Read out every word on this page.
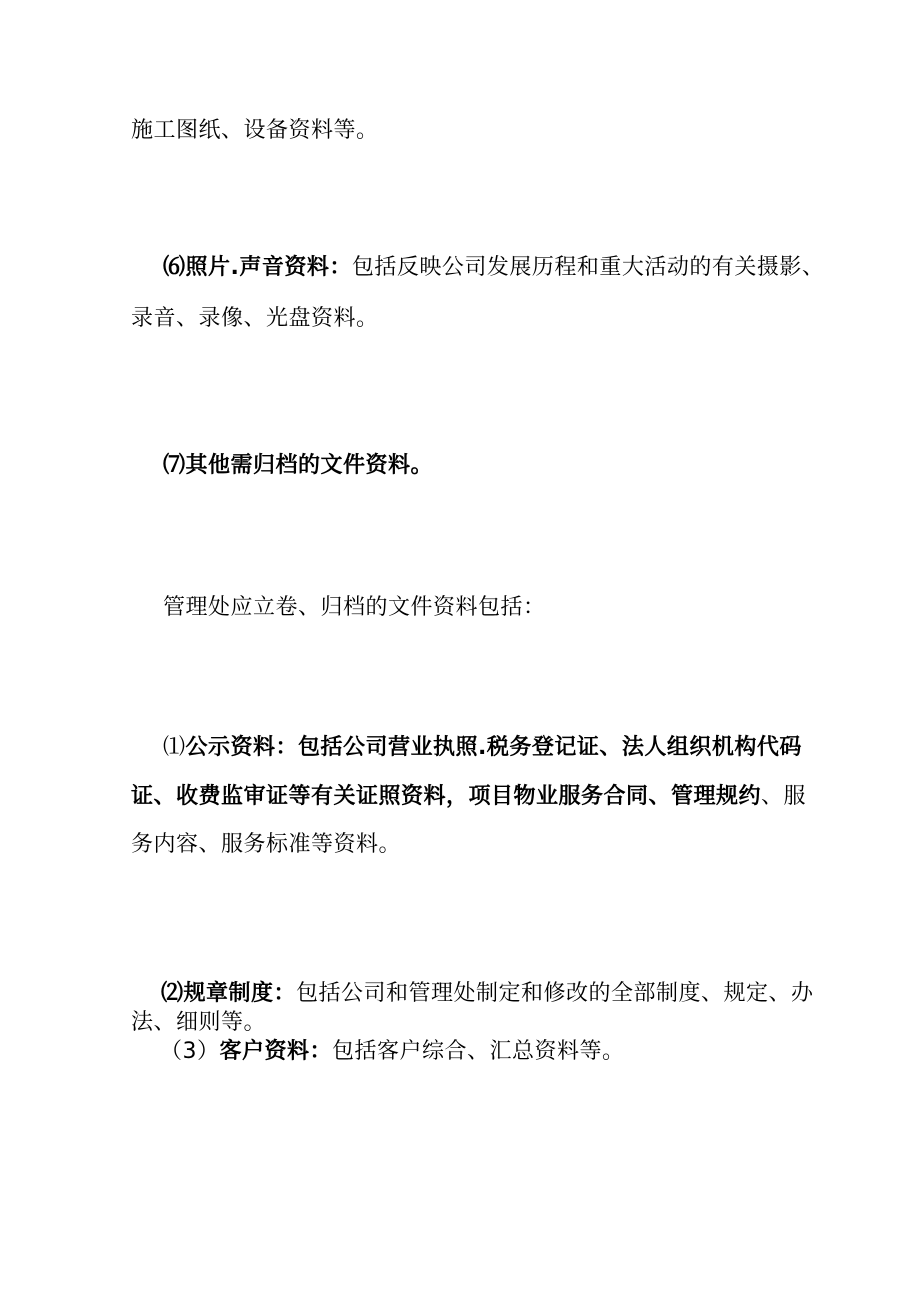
施工图纸、设备资料等。
⑹照片.声音资料：包括反映公司发展历程和重大活动的有关摄影、
录音、录像、光盘资料。
⑺其他需归档的文件资料。
管理处应立卷、归档的文件资料包括：
⑴公示资料：包括公司营业执照.税务登记证、法人组织机构代码
证、收费监审证等有关证照资料，项目物业服务合同、管理规约、服
务内容、服务标准等资料。
⑵规章制度：包括公司和管理处制定和修改的全部制度、规定、办
法、细则等。
（3）客户资料：包括客户综合、汇总资料等。
